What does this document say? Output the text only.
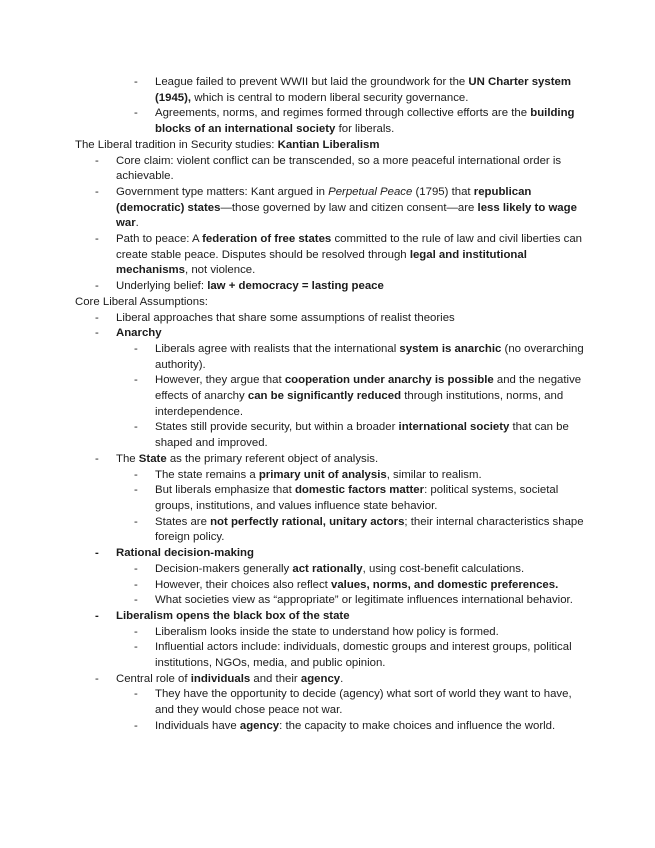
- League failed to prevent WWII but laid the groundwork for the UN Charter system (1945), which is central to modern liberal security governance.
- Agreements, norms, and regimes formed through collective efforts are the building blocks of an international society for liberals.
The Liberal tradition in Security studies: Kantian Liberalism
- Core claim: violent conflict can be transcended, so a more peaceful international order is achievable.
- Government type matters: Kant argued in Perpetual Peace (1795) that republican (democratic) states—those governed by law and citizen consent—are less likely to wage war.
- Path to peace: A federation of free states committed to the rule of law and civil liberties can create stable peace. Disputes should be resolved through legal and institutional mechanisms, not violence.
- Underlying belief: law + democracy = lasting peace
Core Liberal Assumptions:
- Liberal approaches that share some assumptions of realist theories
- Anarchy
- Liberals agree with realists that the international system is anarchic (no overarching authority).
- However, they argue that cooperation under anarchy is possible and the negative effects of anarchy can be significantly reduced through institutions, norms, and interdependence.
- States still provide security, but within a broader international society that can be shaped and improved.
- The State as the primary referent object of analysis.
- The state remains a primary unit of analysis, similar to realism.
- But liberals emphasize that domestic factors matter: political systems, societal groups, institutions, and values influence state behavior.
- States are not perfectly rational, unitary actors; their internal characteristics shape foreign policy.
- Rational decision-making
- Decision-makers generally act rationally, using cost-benefit calculations.
- However, their choices also reflect values, norms, and domestic preferences.
- What societies view as “appropriate” or legitimate influences international behavior.
- Liberalism opens the black box of the state
- Liberalism looks inside the state to understand how policy is formed.
- Influential actors include: individuals, domestic groups and interest groups, political institutions, NGOs, media, and public opinion.
- Central role of individuals and their agency.
- They have the opportunity to decide (agency) what sort of world they want to have, and they would chose peace not war.
- Individuals have agency: the capacity to make choices and influence the world.
